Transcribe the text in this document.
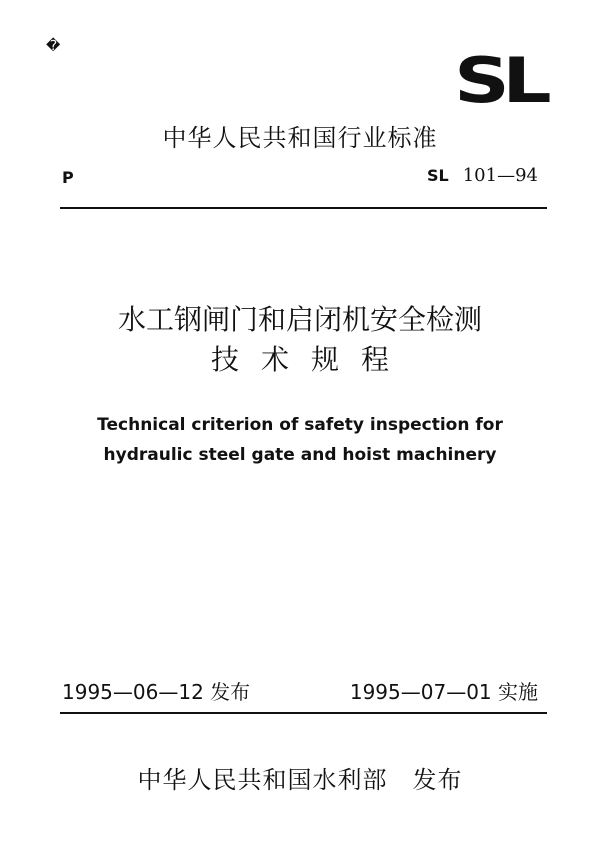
�	SL
中华人民共和国行业标准
P	SL 101—94
水工钢闸门和启闭机安全检测
技术规程
Technical criterion of safety inspection for
hydraulic steel gate and hoist machinery
1995—06—12 发布	1995—07—01 实施
中华人民共和国水利部　发布
